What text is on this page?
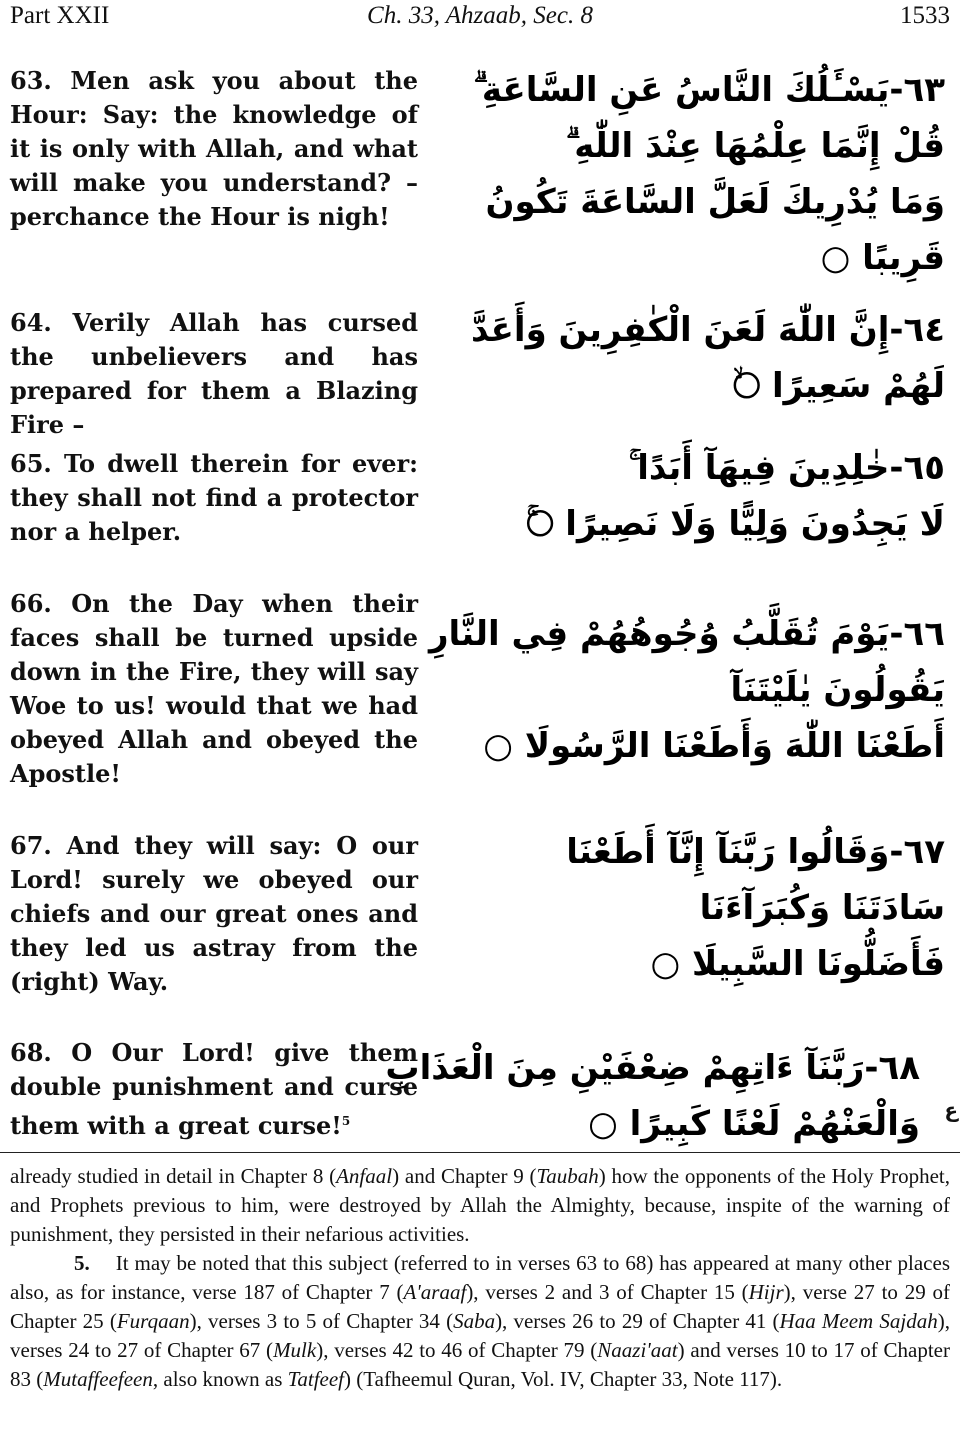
Part XXII	Ch. 33, Ahzaab, Sec. 8	1533
63. Men ask you about the Hour: Say: the knowledge of it is only with Allah, and what will make you understand? – perchance the Hour is nigh!
٦٣-يَسْـَٔلُكَ النَّاسُ عَنِ السَّاعَةِ ۗ
قُلْ إِنَّمَا عِلْمُهَا عِنْدَ اللّٰهِ ۗ
وَمَا يُدْرِيكَ لَعَلَّ السَّاعَةَ تَكُونُ
قَرِيبًا ○
64. Verily Allah has cursed the unbelievers and has prepared for them a Blazing Fire –
٦٤-إِنَّ اللّٰهَ لَعَنَ الْكٰفِرِينَ وَأَعَدَّ
لَهُمْ سَعِيرًا ○ۙ
65. To dwell therein for ever: they shall not find a protector nor a helper.
٦٥-خٰلِدِينَ فِيهَآ أَبَدًا ۚ
لَا يَجِدُونَ وَلِيًّا وَلَا نَصِيرًا ○ۚ
66. On the Day when their faces shall be turned upside down in the Fire, they will say Woe to us! would that we had obeyed Allah and obeyed the Apostle!
٦٦-يَوْمَ تُقَلَّبُ وُجُوهُهُمْ فِي النَّارِ
يَقُولُونَ يٰلَيْتَنَآ
أَطَعْنَا اللّٰهَ وَأَطَعْنَا الرَّسُولَا ○
67. And they will say: O our Lord! surely we obeyed our chiefs and our great ones and they led us astray from the (right) Way.
٦٧-وَقَالُوا رَبَّنَآ إِنَّآ أَطَعْنَا
سَادَتَنَا وَكُبَرَآءَنَا
فَأَضَلُّونَا السَّبِيلَا ○
68. O Our Lord! give them double punishment and curse them with a great curse!$^5$
٦٨-رَبَّنَآ ءَاتِهِمْ ضِعْفَيْنِ مِنَ الْعَذَابِ
وَالْعَنْهُمْ لَعْنًا كَبِيرًا ○ ع

already studied in detail in Chapter 8 (Anfaal) and Chapter 9 (Taubah) how the opponents of the Holy Prophet, and Prophets previous to him, were destroyed by Allah the Almighty, because, inspite of the warning of punishment, they persisted in their nefarious activities.

5. It may be noted that this subject (referred to in verses 63 to 68) has appeared at many other places also, as for instance, verse 187 of Chapter 7 (A'araaf), verses 2 and 3 of Chapter 15 (Hijr), verse 27 to 29 of Chapter 25 (Furqaan), verses 3 to 5 of Chapter 34 (Saba), verses 26 to 29 of Chapter 41 (Haa Meem Sajdah), verses 24 to 27 of Chapter 67 (Mulk), verses 42 to 46 of Chapter 79 (Naazi'aat) and verses 10 to 17 of Chapter 83 (Mutaffeefeen, also known as Tatfeef) (Tafheemul Quran, Vol. IV, Chapter 33, Note 117).
